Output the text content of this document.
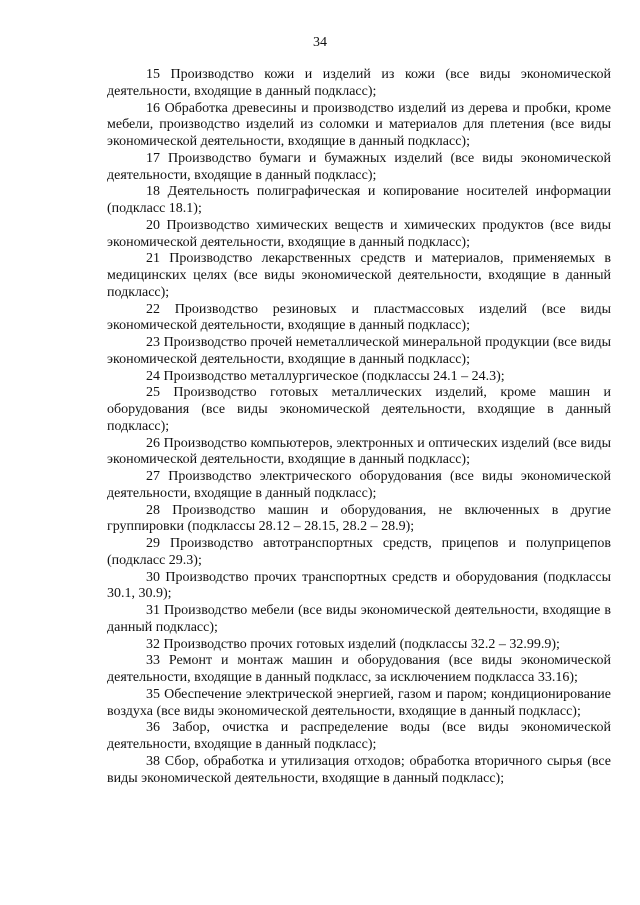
34

15 Производство кожи и изделий из кожи (все виды экономической деятельности, входящие в данный подкласс);

16 Обработка древесины и производство изделий из дерева и пробки, кроме мебели, производство изделий из соломки и материалов для плетения (все виды экономической деятельности, входящие в данный подкласс);

17 Производство бумаги и бумажных изделий (все виды экономической деятельности, входящие в данный подкласс);

18 Деятельность полиграфическая и копирование носителей информации (подкласс 18.1);

20 Производство химических веществ и химических продуктов (все виды экономической деятельности, входящие в данный подкласс);

21 Производство лекарственных средств и материалов, применяемых в медицинских целях (все виды экономической деятельности, входящие в данный подкласс);

22 Производство резиновых и пластмассовых изделий (все виды экономической деятельности, входящие в данный подкласс);

23 Производство прочей неметаллической минеральной продукции (все виды экономической деятельности, входящие в данный подкласс);

24 Производство металлургическое (подклассы 24.1 – 24.3);

25 Производство готовых металлических изделий, кроме машин и оборудования (все виды экономической деятельности, входящие в данный подкласс);

26 Производство компьютеров, электронных и оптических изделий (все виды экономической деятельности, входящие в данный подкласс);

27 Производство электрического оборудования (все виды экономической деятельности, входящие в данный подкласс);

28 Производство машин и оборудования, не включенных в другие группировки (подклассы 28.12 – 28.15, 28.2 – 28.9);

29 Производство автотранспортных средств, прицепов и полуприцепов (подкласс 29.3);

30 Производство прочих транспортных средств и оборудования (подклассы 30.1, 30.9);

31 Производство мебели (все виды экономической деятельности, входящие в данный подкласс);

32 Производство прочих готовых изделий (подклассы 32.2 – 32.99.9);

33 Ремонт и монтаж машин и оборудования (все виды экономической деятельности, входящие в данный подкласс, за исключением подкласса 33.16);

35 Обеспечение электрической энергией, газом и паром; кондиционирование воздуха (все виды экономической деятельности, входящие в данный подкласс);

36 Забор, очистка и распределение воды (все виды экономической деятельности, входящие в данный подкласс);

38 Сбор, обработка и утилизация отходов; обработка вторичного сырья (все виды экономической деятельности, входящие в данный подкласс);
